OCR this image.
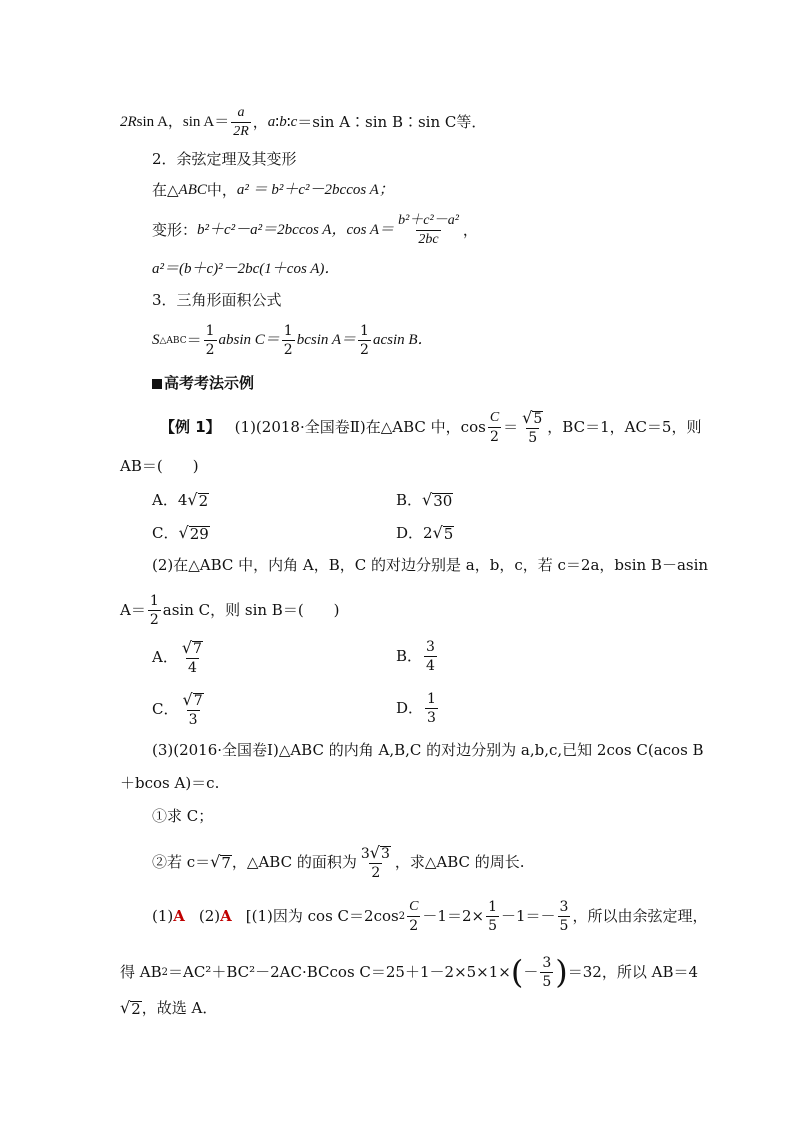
2R sin A，$\sin A= \frac{a}{2R}$ ， a ∶ b ∶ c ＝sin A∶sin B∶sin C等．
2．余弦定理及其变形
在△ ABC 中， a² ＝ b²＋c²－2bccos A；
变形： b²＋c²－a²＝2bccos A，$\cos A= \frac{\text{b²＋c²－a²}}{2bc}$ ，
a²＝(b＋c)²－2bc(1＋cos A)．
3．三角形面积公式
S △ABC ＝ $\frac{1}{2}$ absin $C= \frac{1}{2}$ bcsin $A= \frac{1}{2}$ acsin B．
高考考法示例
【例 1】 (1)(2018·全国卷Ⅱ)在△ABC 中，$\cos \frac{C}{2} = \frac{√ 5}{5}$ ，BC＝1，AC＝5，则
AB＝(　　)
A．4 √ 2	B． √ 30
C． √ 29	D．2 √ 5
(2)在△ABC 中，内角 A，B，C 的对边分别是 a，b，c，若 c＝2a，bsin B－asin
$A= \frac{1}{2}$ asin C，则 sin B＝(　　)
A． $\frac{√ 7}{4}$	B． $\frac{3}{4}$
C． $\frac{√ 7}{3}$	D． $\frac{1}{3}$
(3)(2016·全国卷Ⅰ)△ABC 的内角 A,B,C 的对边分别为 a,b,c,已知 2cos C(acos B
＋bcos A)＝c.
①求 C；
②若 c＝ √ 7 ，△ABC 的面积为 $\frac{3 √ 3}{2}$ ，求△ABC 的周长.
(1) A (2) A [(1)因为 cos C＝2cos $2 \frac{C}{2} -1=2\times \frac{1}{5} -1=- \frac{3}{5}$ ，所以由余弦定理，
得 AB 2 ＝AC²＋BC²－2AC·BCcos C＝25＋1－2×5×1× ( － $\frac{3}{5}$ ) ＝32，所以 AB＝4
√ 2 ，故选 A．
